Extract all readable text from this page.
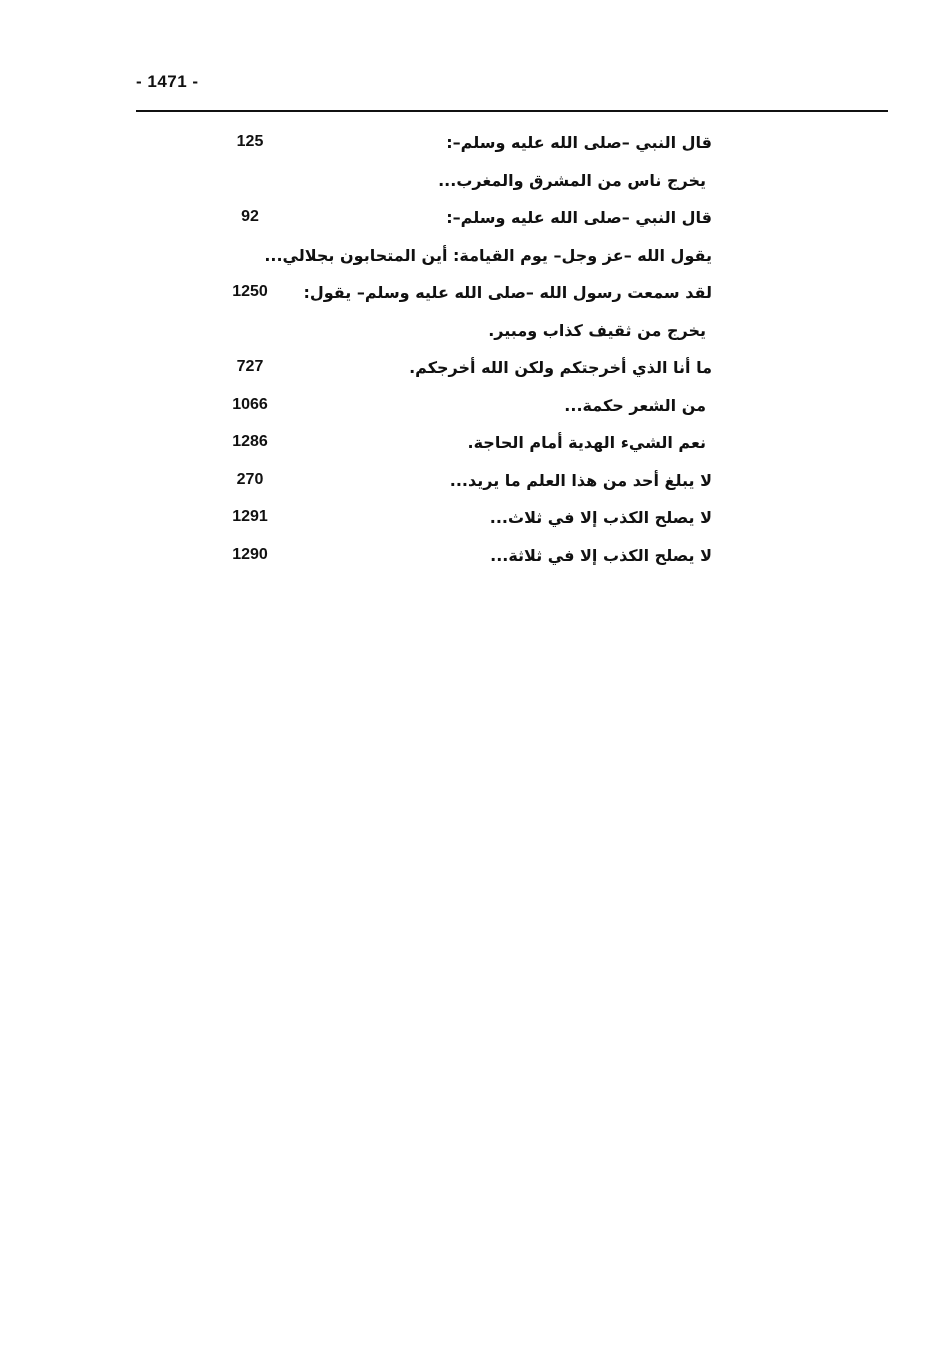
- 1471 -
قال النبي –صلى الله عليه وسلم–:
125
يخرج ناس من المشرق والمغرب...
قال النبي –صلى الله عليه وسلم–:
92
يقول الله –عز وجل– يوم القيامة: أين المتحابون بجلالي...
لقد سمعت رسول الله –صلى الله عليه وسلم– يقول:
1250
يخرج من ثقيف كذاب ومبير.
ما أنا الذي أخرجتكم ولكن الله أخرجكم.
727
من الشعر حكمة...
1066
نعم الشيء الهدية أمام الحاجة.
1286
لا يبلغ أحد من هذا العلم ما يريد...
270
لا يصلح الكذب إلا في ثلاث...
1291
لا يصلح الكذب إلا في ثلاثة...
1290
